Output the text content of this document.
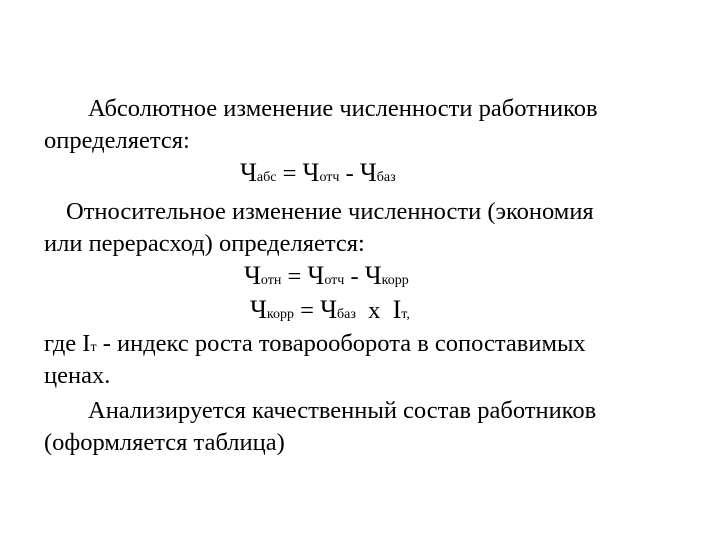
Абсолютное изменение численности работников
определяется:
Чабс = Чотч - Чбаз
Относительное изменение численности (экономия
или перерасход) определяется:
Чотн = Чотч - Чкорр
Чкорр = Чбаз  х  Iт,
где Iт - индекс роста товарооборота в сопоставимых
ценах.
Анализируется качественный состав работников
(оформляется таблица)
